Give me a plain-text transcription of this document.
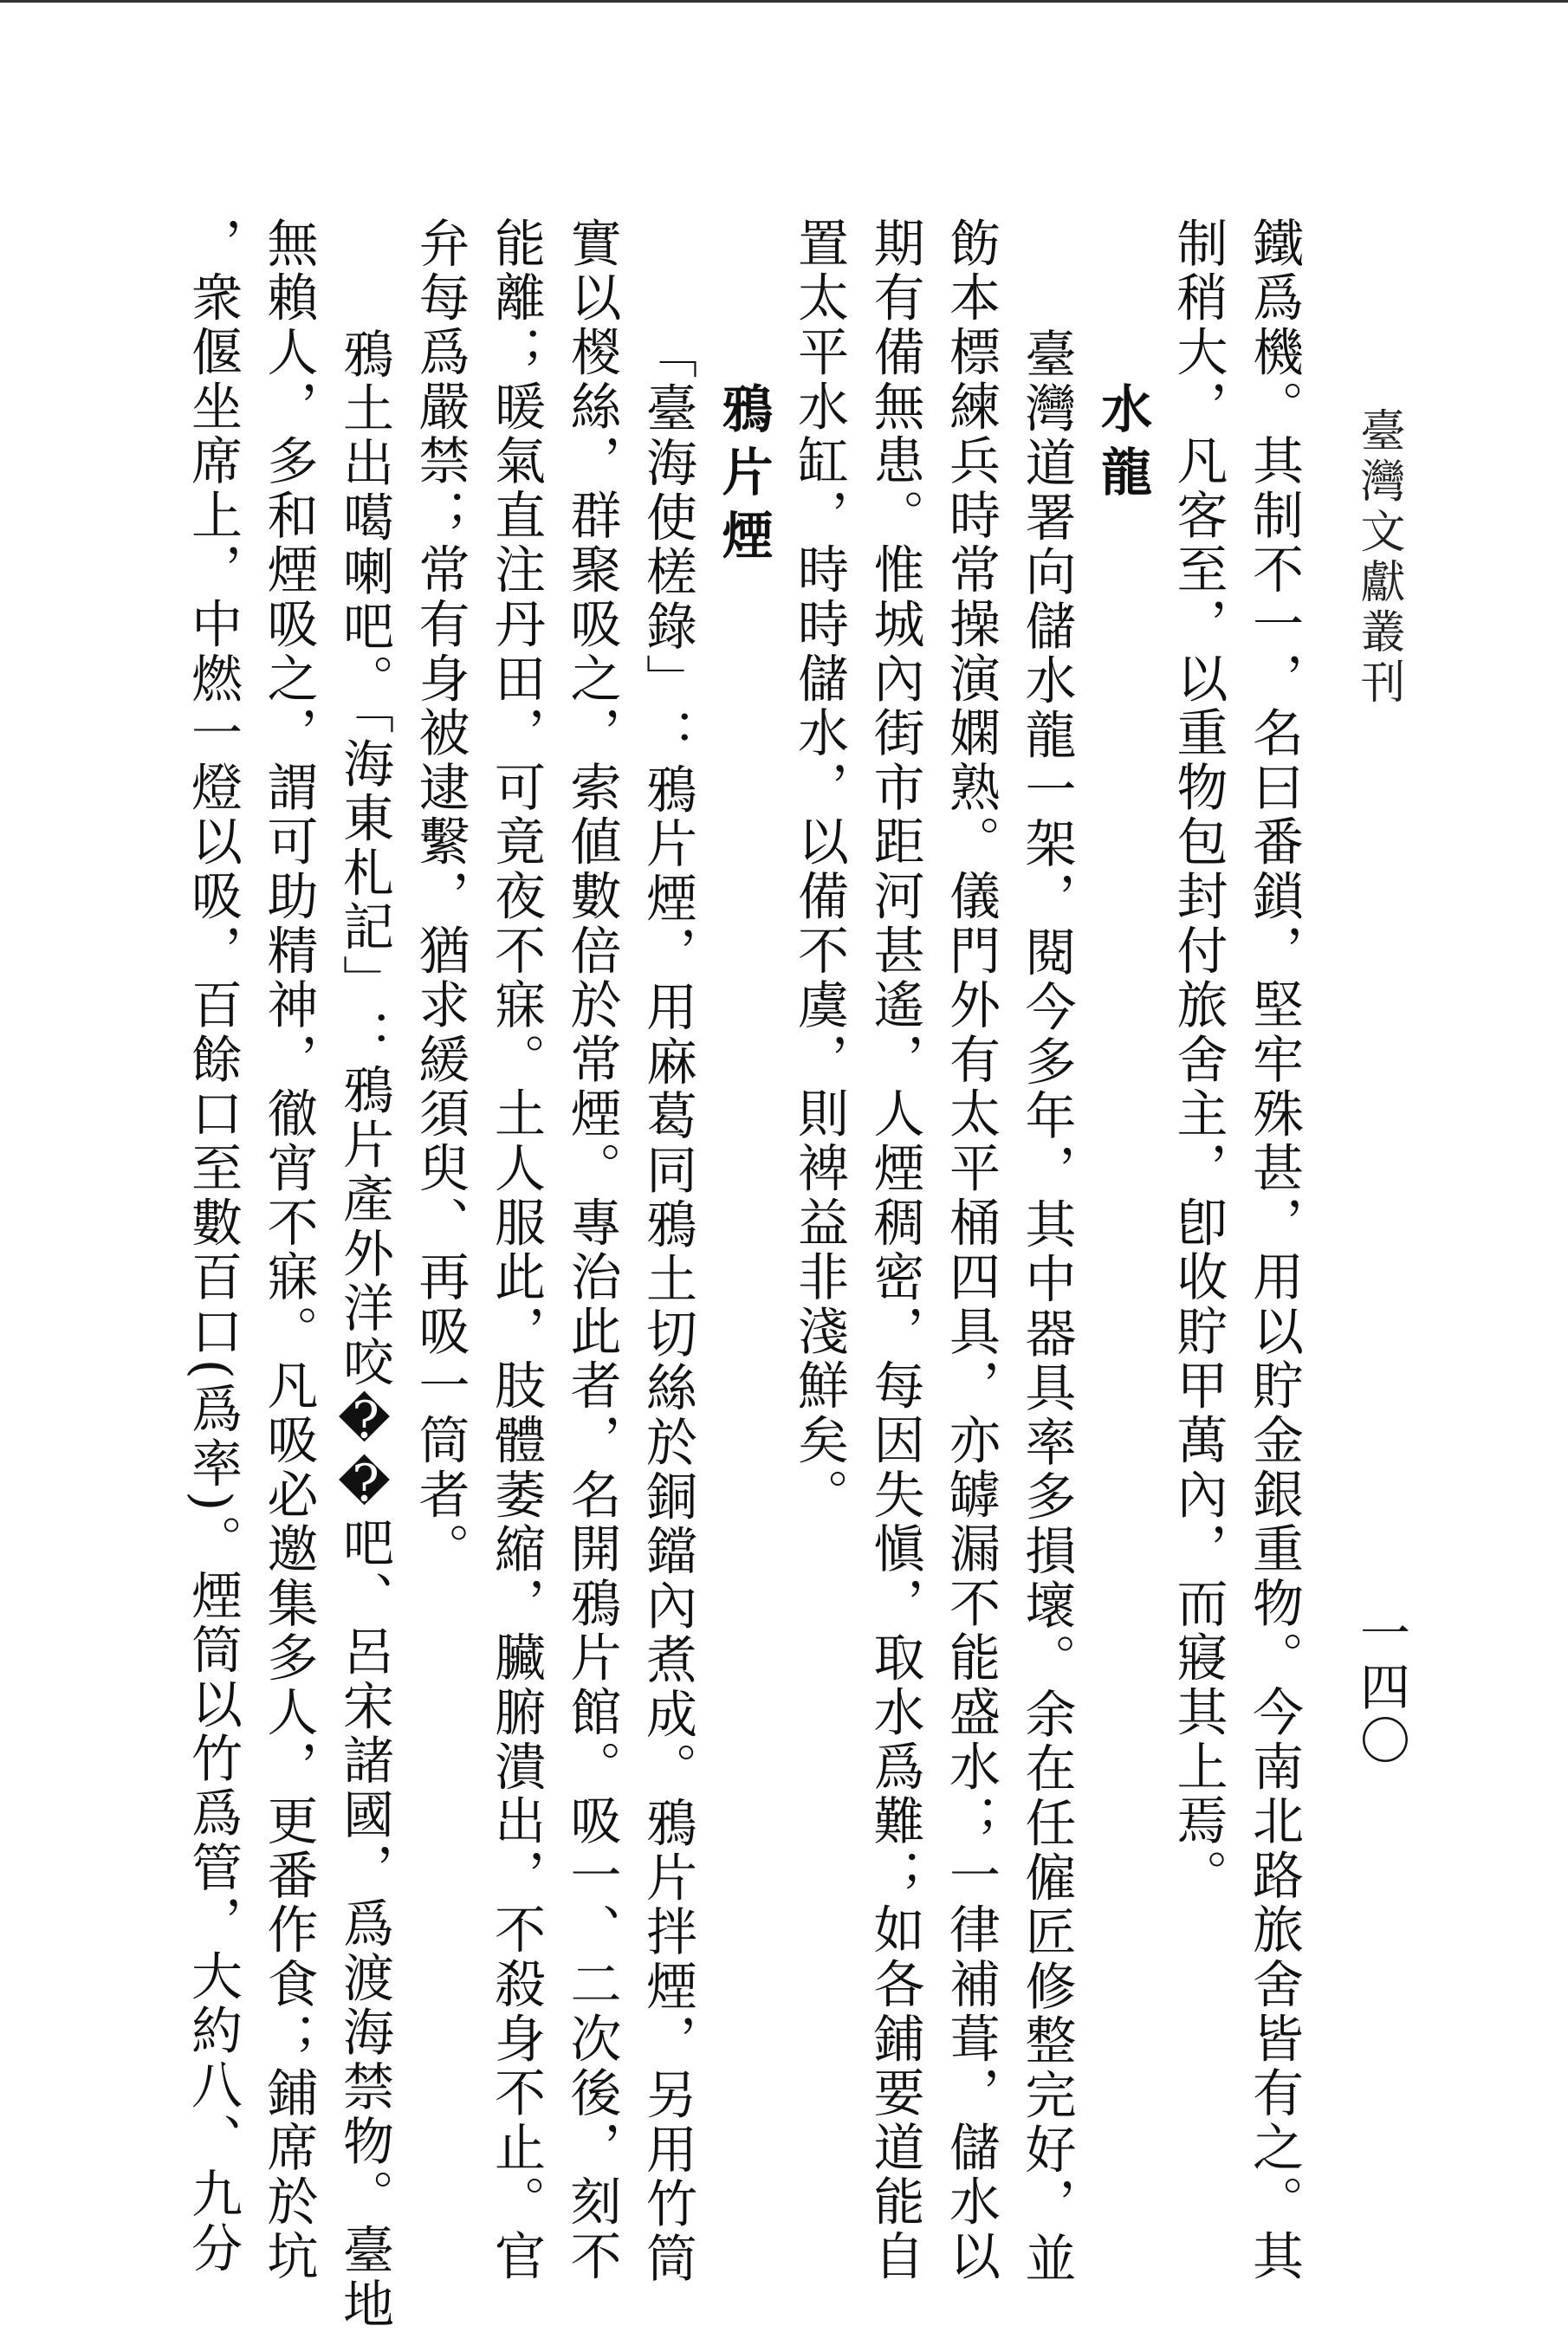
臺灣文獻叢刊
一四〇
鐵爲機。其制不一，名曰番鎖，堅牢殊甚，用以貯金銀重物。今南北路旅舍皆有之。其
制稍大，凡客至，以重物包封付旅舍主，卽收貯甲萬內，而寢其上焉。
水龍
臺灣道署向儲水龍一架，閱今多年，其中器具率多損壞。余在任僱匠修整完好，並
飭本標練兵時常操演嫻熟。儀門外有太平桶四具，亦罅漏不能盛水；一律補葺，儲水以
期有備無患。惟城內街市距河甚遙，人煙稠密，每因失愼，取水爲難；如各鋪要道能自
置太平水缸，時時儲水，以備不虞，則裨益非淺鮮矣。
鴉片煙
「臺海使槎錄」：鴉片煙，用麻葛同鴉土切絲於銅鐺內煮成。鴉片拌煙，另用竹筒
實以椶絲，群聚吸之，索値數倍於常煙。專治此者，名開鴉片館。吸一、二次後，刻不
能離；暖氣直注丹田，可竟夜不寐。土人服此，肢體萎縮，臟腑潰出，不殺身不止。官
弁每爲嚴禁；常有身被逮繫，猶求緩須臾、再吸一筒者。
鴉土出噶喇吧。「海東札記」：鴉片產外洋咬��吧、呂宋諸國，爲渡海禁物。臺地
無賴人，多和煙吸之，謂可助精神，徹宵不寐。凡吸必邀集多人，更番作食；鋪席於坑
，衆偃坐席上，中燃一燈以吸，百餘口至數百口(爲率)。煙筒以竹爲管，大約八、九分
